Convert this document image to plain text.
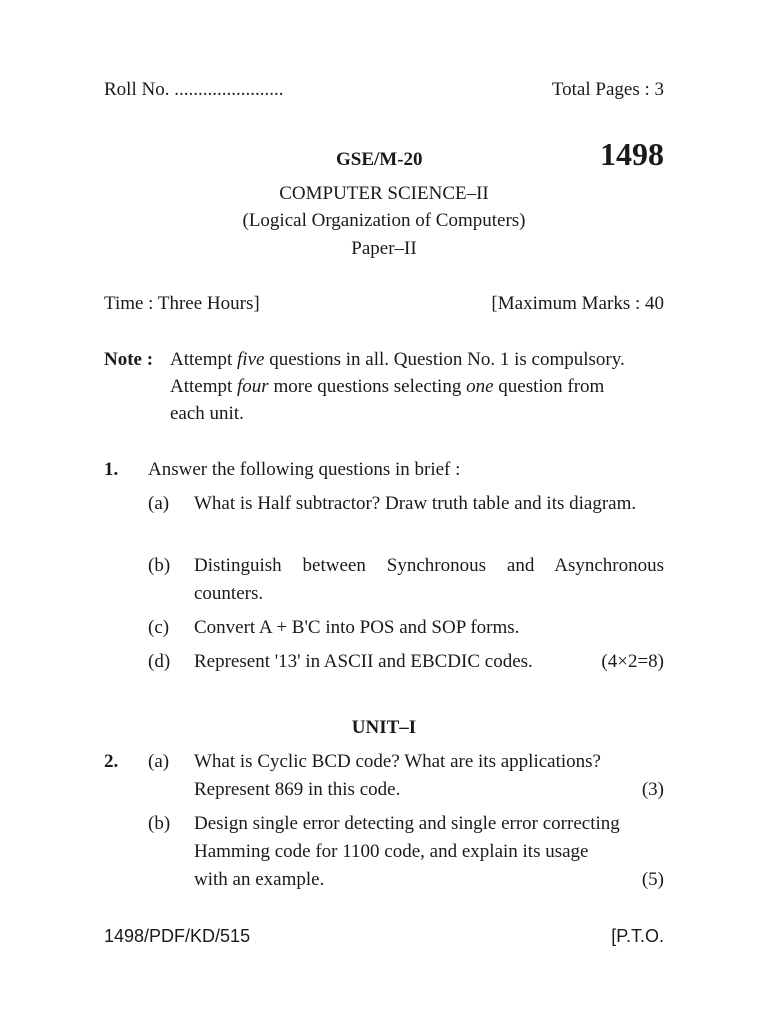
Roll No. .......................	Total Pages : 3
GSE/M-20	1498
COMPUTER SCIENCE–II
(Logical Organization of Computers)
Paper–II
Time : Three Hours]	[Maximum Marks : 40
Note : Attempt five questions in all. Question No. 1 is compulsory.
Attempt four more questions selecting one question from
each unit.
1. Answer the following questions in brief :
(a) What is Half subtractor? Draw truth table and its diagram.
(b) Distinguish between Synchronous and Asynchronous counters.
(c) Convert A + B'C into POS and SOP forms.
(d) Represent '13' in ASCII and EBCDIC codes.	(4×2=8)
UNIT–I
2. (a) What is Cyclic BCD code? What are its applications?
Represent 869 in this code.	(3)
(b) Design single error detecting and single error correcting
Hamming code for 1100 code, and explain its usage
with an example.	(5)
1498/PDF/KD/515	[P.T.O.
